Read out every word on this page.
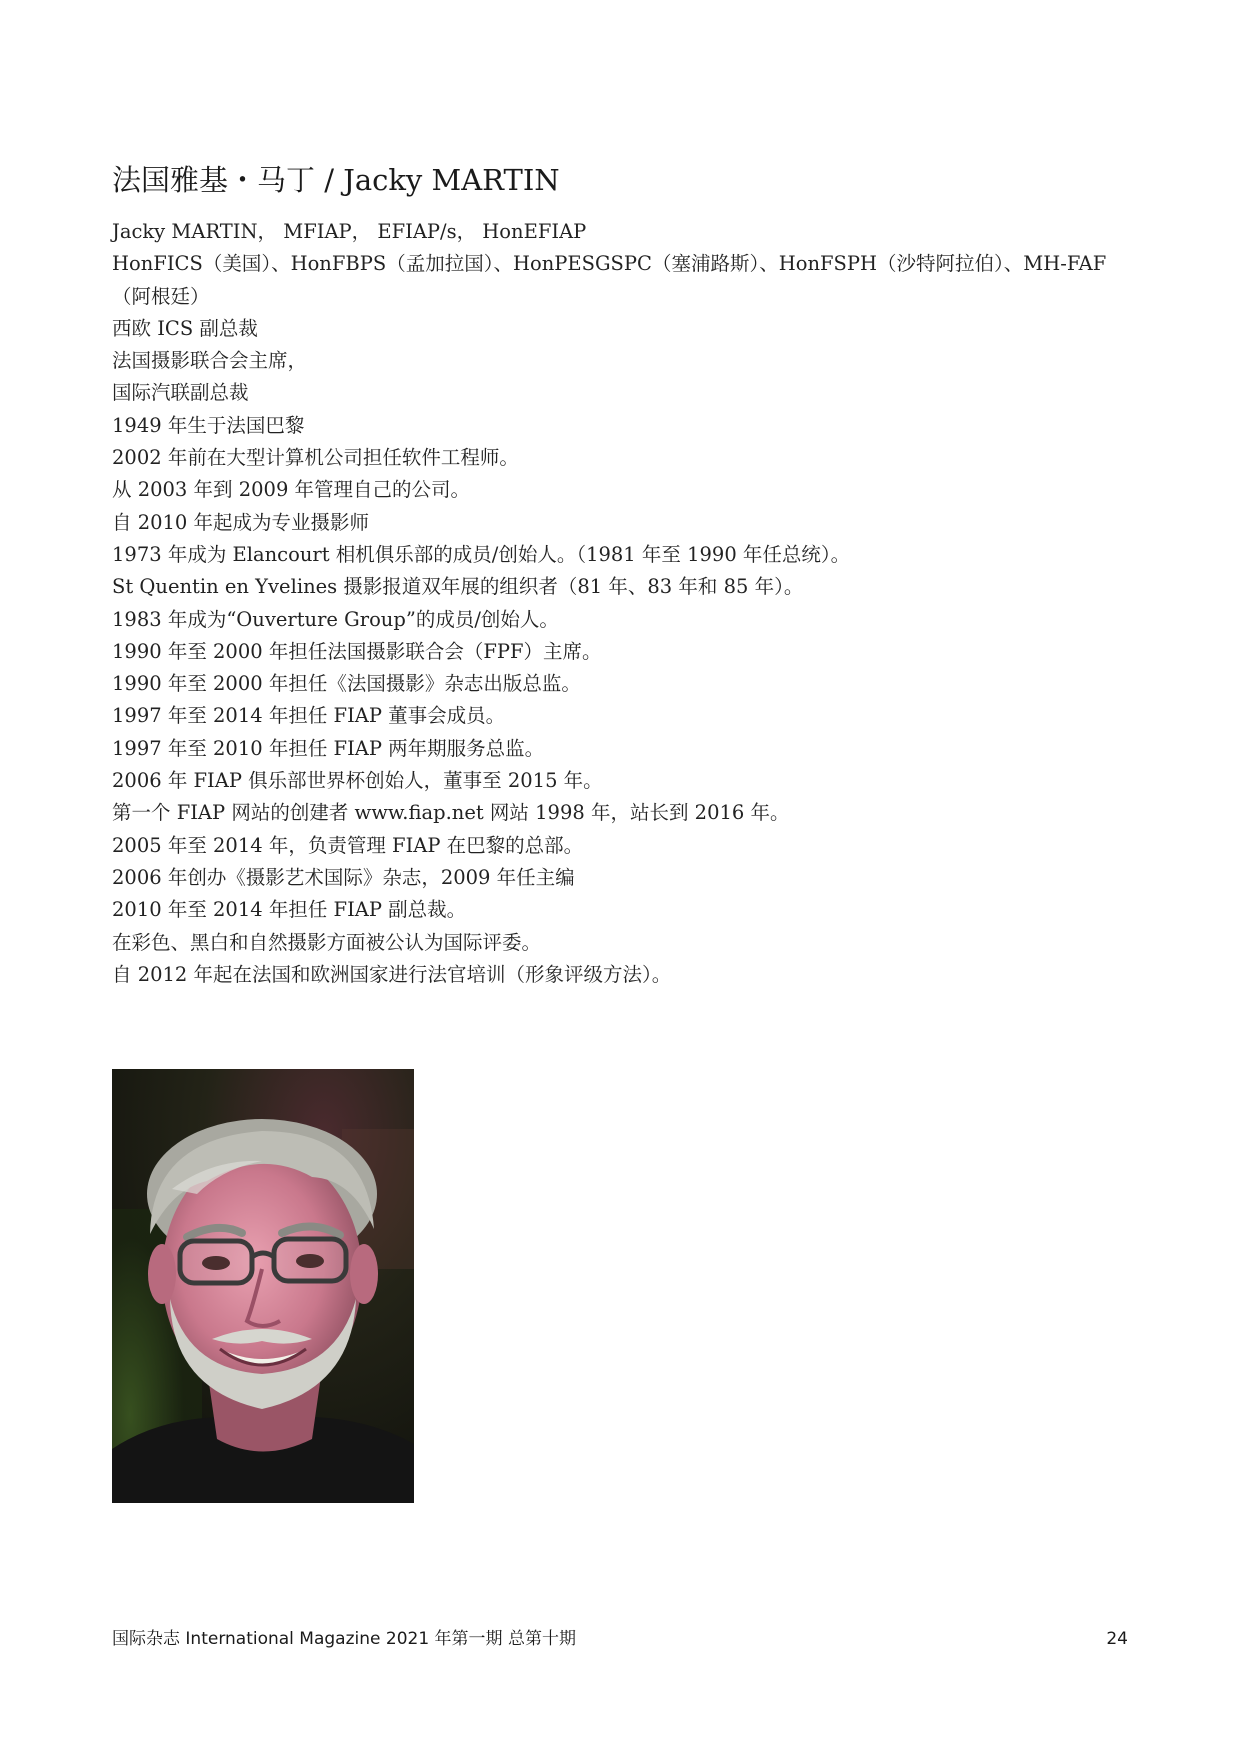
法国雅基・马丁 / Jacky MARTIN
Jacky MARTIN， MFIAP， EFIAP/s， HonEFIAP
HonFICS（美国）、HonFBPS（孟加拉国）、HonPESGSPC（塞浦路斯）、HonFSPH（沙特阿拉伯）、MH-FAF（阿根廷）
西欧 ICS 副总裁
法国摄影联合会主席，
国际汽联副总裁
1949 年生于法国巴黎
2002 年前在大型计算机公司担任软件工程师。
从 2003 年到 2009 年管理自己的公司。
自 2010 年起成为专业摄影师
1973 年成为 Elancourt 相机俱乐部的成员/创始人。（1981 年至 1990 年任总统）。
St Quentin en Yvelines 摄影报道双年展的组织者（81 年、83 年和 85 年）。
1983 年成为“Ouverture Group”的成员/创始人。
1990 年至 2000 年担任法国摄影联合会（FPF）主席。
1990 年至 2000 年担任《法国摄影》杂志出版总监。
1997 年至 2014 年担任 FIAP 董事会成员。
1997 年至 2010 年担任 FIAP 两年期服务总监。
2006 年 FIAP 俱乐部世界杯创始人，董事至 2015 年。
第一个 FIAP 网站的创建者 www.fiap.net 网站 1998 年，站长到 2016 年。
2005 年至 2014 年，负责管理 FIAP 在巴黎的总部。
2006 年创办《摄影艺术国际》杂志，2009 年任主编
2010 年至 2014 年担任 FIAP 副总裁。
在彩色、黑白和自然摄影方面被公认为国际评委。
自 2012 年起在法国和欧洲国家进行法官培训（形象评级方法）。
国际杂志 International Magazine 2021 年第一期 总第十期	24
